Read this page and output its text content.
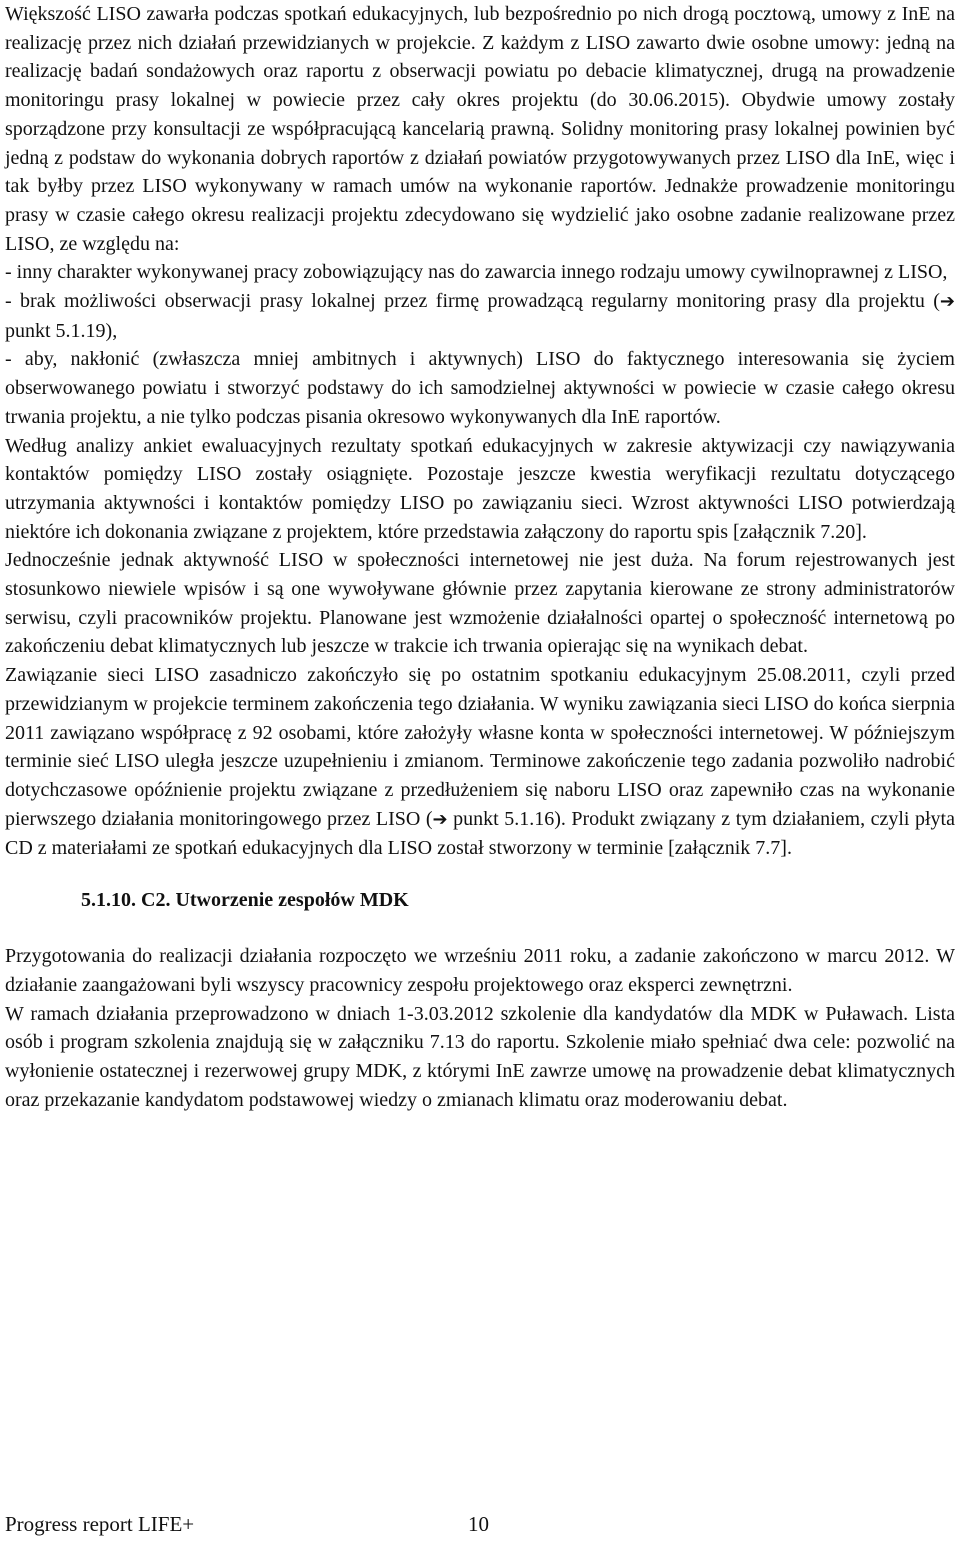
Większość LISO zawarła podczas spotkań edukacyjnych, lub bezpośrednio po nich drogą pocztową, umowy z InE na realizację przez nich działań przewidzianych w projekcie. Z każdym z LISO zawarto dwie osobne umowy: jedną na realizację badań sondażowych oraz raportu z obserwacji powiatu po debacie klimatycznej, drugą na prowadzenie monitoringu prasy lokalnej w powiecie przez cały okres projektu (do 30.06.2015). Obydwie umowy zostały sporządzone przy konsultacji ze współpracującą kancelarią prawną. Solidny monitoring prasy lokalnej powinien być jedną z podstaw do wykonania dobrych raportów z działań powiatów przygotowywanych przez LISO dla InE, więc i tak byłby przez LISO wykonywany w ramach umów na wykonanie raportów. Jednakże prowadzenie monitoringu prasy w czasie całego okresu realizacji projektu zdecydowano się wydzielić jako osobne zadanie realizowane przez LISO, ze względu na:

- inny charakter wykonywanej pracy zobowiązujący nas do zawarcia innego rodzaju umowy cywilnoprawnej z LISO,

- brak możliwości obserwacji prasy lokalnej przez firmę prowadzącą regularny monitoring prasy dla projektu (➔ punkt 5.1.19),

- aby, nakłonić (zwłaszcza mniej ambitnych i aktywnych) LISO do faktycznego interesowania się życiem obserwowanego powiatu i stworzyć podstawy do ich samodzielnej aktywności w powiecie w czasie całego okresu trwania projektu, a nie tylko podczas pisania okresowo wykonywanych dla InE raportów.

Według analizy ankiet ewaluacyjnych rezultaty spotkań edukacyjnych w zakresie aktywizacji czy nawiązywania kontaktów pomiędzy LISO zostały osiągnięte. Pozostaje jeszcze kwestia weryfikacji rezultatu dotyczącego utrzymania aktywności i kontaktów pomiędzy LISO po zawiązaniu sieci. Wzrost aktywności LISO potwierdzają niektóre ich dokonania związane z projektem, które przedstawia załączony do raportu spis [załącznik 7.20].

Jednocześnie jednak aktywność LISO w społeczności internetowej nie jest duża. Na forum rejestrowanych jest stosunkowo niewiele wpisów i są one wywoływane głównie przez zapytania kierowane ze strony administratorów serwisu, czyli pracowników projektu. Planowane jest wzmożenie działalności opartej o społeczność internetową po zakończeniu debat klimatycznych lub jeszcze w trakcie ich trwania opierając się na wynikach debat.

Zawiązanie sieci LISO zasadniczo zakończyło się po ostatnim spotkaniu edukacyjnym 25.08.2011, czyli przed przewidzianym w projekcie terminem zakończenia tego działania. W wyniku zawiązania sieci LISO do końca sierpnia 2011 zawiązano współpracę z 92 osobami, które założyły własne konta w społeczności internetowej. W późniejszym terminie sieć LISO uległa jeszcze uzupełnieniu i zmianom. Terminowe zakończenie tego zadania pozwoliło nadrobić dotychczasowe opóźnienie projektu związane z przedłużeniem się naboru LISO oraz zapewniło czas na wykonanie pierwszego działania monitoringowego przez LISO (➔ punkt 5.1.16). Produkt związany z tym działaniem, czyli płyta CD z materiałami ze spotkań edukacyjnych dla LISO został stworzony w terminie [załącznik 7.7].

5.1.10. C2. Utworzenie zespołów MDK

Przygotowania do realizacji działania rozpoczęto we wrześniu 2011 roku, a zadanie zakończono w marcu 2012. W działanie zaangażowani byli wszyscy pracownicy zespołu projektowego oraz eksperci zewnętrzni.

W ramach działania przeprowadzono w dniach 1-3.03.2012 szkolenie dla kandydatów dla MDK w Puławach. Lista osób i program szkolenia znajdują się w załączniku 7.13 do raportu. Szkolenie miało spełniać dwa cele: pozwolić na wyłonienie ostatecznej i rezerwowej grupy MDK, z którymi InE zawrze umowę na prowadzenie debat klimatycznych oraz przekazanie kandydatom podstawowej wiedzy o zmianach klimatu oraz moderowaniu debat.

Progress report LIFE+	10
